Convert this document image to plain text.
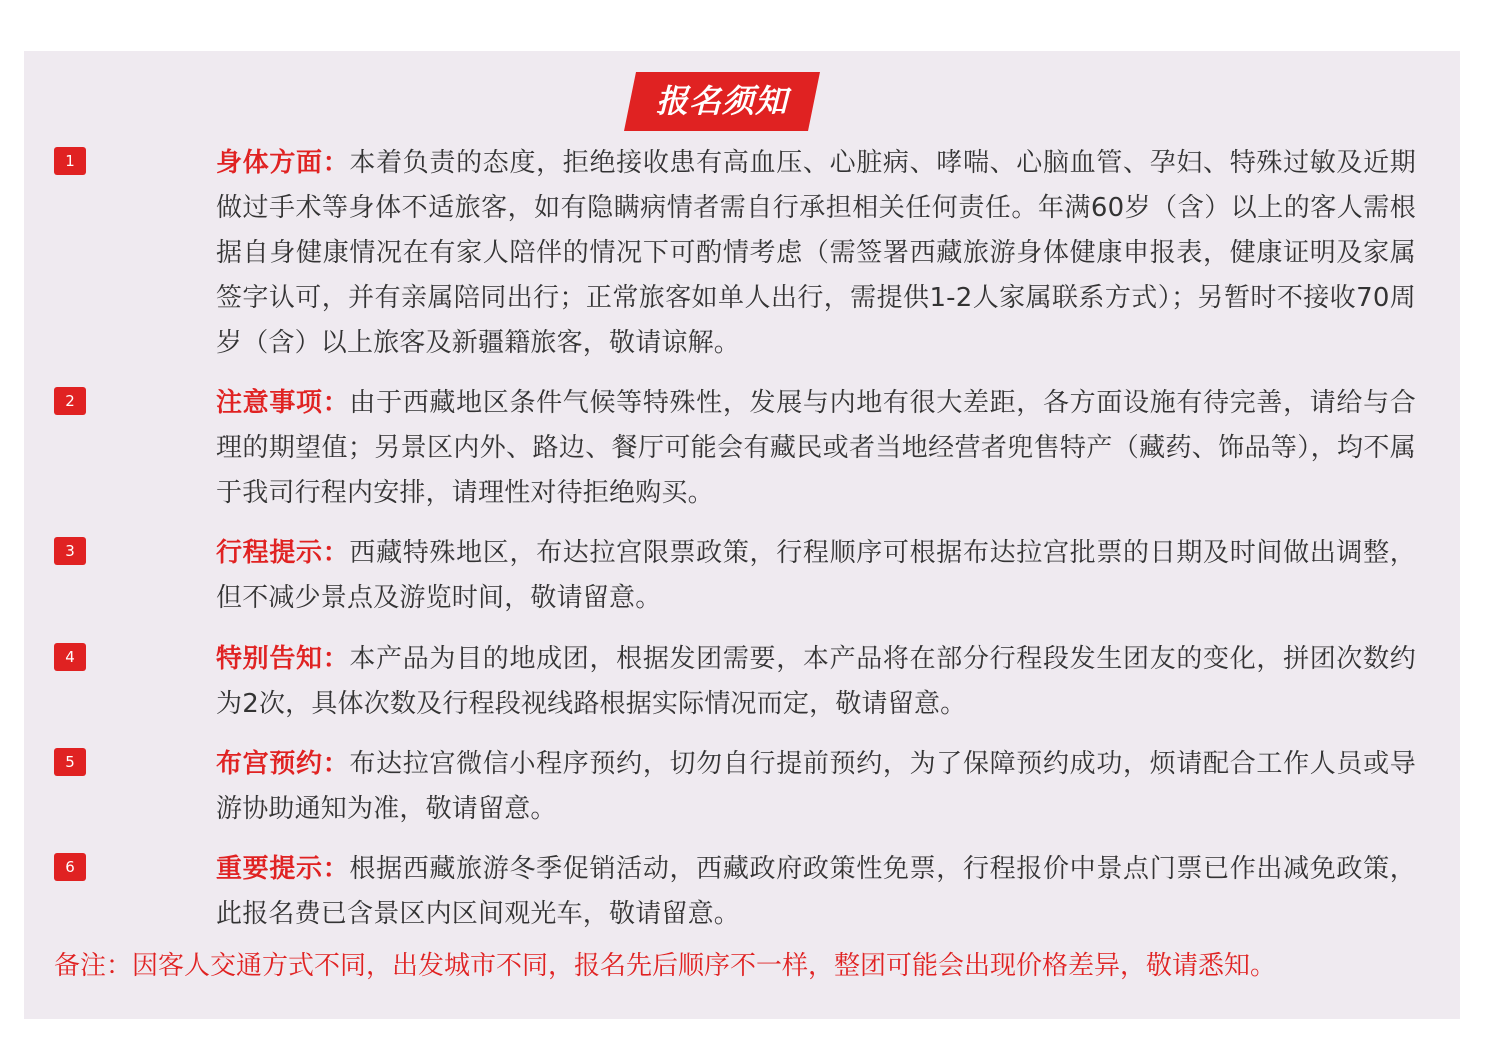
报名须知
1	身体方面：本着负责的态度，拒绝接收患有高血压、心脏病、哮喘、心脑血管、孕妇、特殊过敏及近期做过手术等身体不适旅客，如有隐瞒病情者需自行承担相关任何责任。年满60岁（含）以上的客人需根据自身健康情况在有家人陪伴的情况下可酌情考虑（需签署西藏旅游身体健康申报表，健康证明及家属签字认可，并有亲属陪同出行；正常旅客如单人出行，需提供1-2人家属联系方式）；另暂时不接收70周岁（含）以上旅客及新疆籍旅客，敬请谅解。
2	注意事项：由于西藏地区条件气候等特殊性，发展与内地有很大差距，各方面设施有待完善，请给与合理的期望值；另景区内外、路边、餐厅可能会有藏民或者当地经营者兜售特产（藏药、饰品等），均不属于我司行程内安排，请理性对待拒绝购买。
3	行程提示：西藏特殊地区，布达拉宫限票政策，行程顺序可根据布达拉宫批票的日期及时间做出调整，但不减少景点及游览时间，敬请留意。
4	特别告知：本产品为目的地成团，根据发团需要，本产品将在部分行程段发生团友的变化，拼团次数约为2次，具体次数及行程段视线路根据实际情况而定，敬请留意。
5	布宫预约：布达拉宫微信小程序预约，切勿自行提前预约，为了保障预约成功，烦请配合工作人员或导游协助通知为准，敬请留意。
6	重要提示：根据西藏旅游冬季促销活动，西藏政府政策性免票，行程报价中景点门票已作出减免政策，此报名费已含景区内区间观光车，敬请留意。
备注：因客人交通方式不同，出发城市不同，报名先后顺序不一样，整团可能会出现价格差异，敬请悉知。
